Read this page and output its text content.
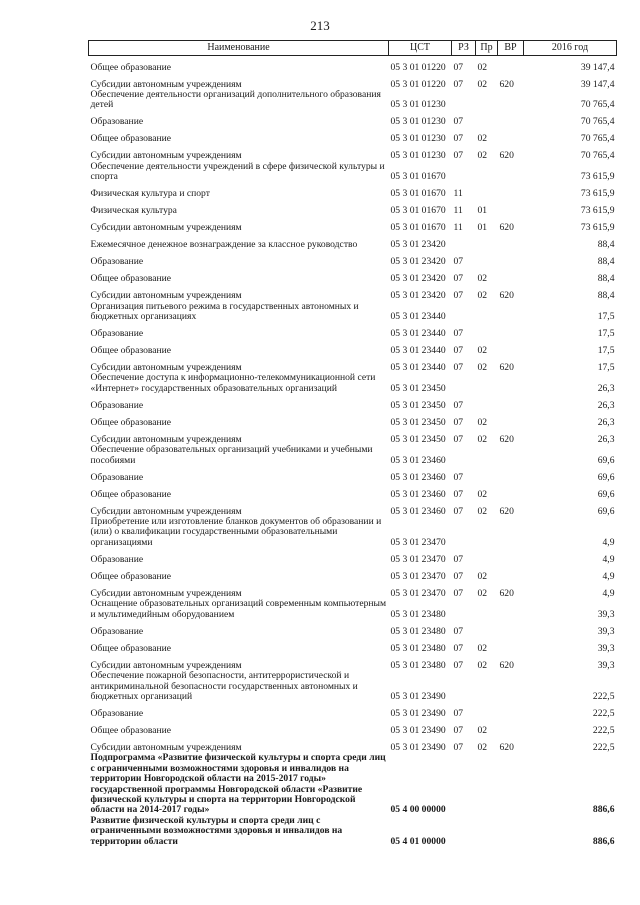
213
Наименование	ЦСТ	РЗ	Пр	ВР	2016 год
Общее образование	05 3 01 01220	07	02		39 147,4
Субсидии автономным учреждениям	05 3 01 01220	07	02	620	39 147,4
Обеспечение деятельности организаций дополнительного образования детей	05 3 01 01230				70 765,4
Образование	05 3 01 01230	07			70 765,4
Общее образование	05 3 01 01230	07	02		70 765,4
Субсидии автономным учреждениям	05 3 01 01230	07	02	620	70 765,4
Обеспечение деятельности учреждений в сфере физической культуры и спорта	05 3 01 01670				73 615,9
Физическая культура и спорт	05 3 01 01670	11			73 615,9
Физическая культура	05 3 01 01670	11	01		73 615,9
Субсидии автономным учреждениям	05 3 01 01670	11	01	620	73 615,9
Ежемесячное денежное вознаграждение за классное руководство	05 3 01 23420				88,4
Образование	05 3 01 23420	07			88,4
Общее образование	05 3 01 23420	07	02		88,4
Субсидии автономным учреждениям	05 3 01 23420	07	02	620	88,4
Организация питьевого режима в государственных автономных и бюджетных организациях	05 3 01 23440				17,5
Образование	05 3 01 23440	07			17,5
Общее образование	05 3 01 23440	07	02		17,5
Субсидии автономным учреждениям	05 3 01 23440	07	02	620	17,5
Обеспечение доступа к информационно-телекоммуникационной сети «Интернет» государственных образовательных организаций	05 3 01 23450				26,3
Образование	05 3 01 23450	07			26,3
Общее образование	05 3 01 23450	07	02		26,3
Субсидии автономным учреждениям	05 3 01 23450	07	02	620	26,3
Обеспечение образовательных организаций учебниками и учебными пособиями	05 3 01 23460				69,6
Образование	05 3 01 23460	07			69,6
Общее образование	05 3 01 23460	07	02		69,6
Субсидии автономным учреждениям	05 3 01 23460	07	02	620	69,6
Приобретение или изготовление бланков документов об образовании и (или) о квалификации государственными образовательными организациями	05 3 01 23470				4,9
Образование	05 3 01 23470	07			4,9
Общее образование	05 3 01 23470	07	02		4,9
Субсидии автономным учреждениям	05 3 01 23470	07	02	620	4,9
Оснащение образовательных организаций современным компьютерным и мультимедийным оборудованием	05 3 01 23480				39,3
Образование	05 3 01 23480	07			39,3
Общее образование	05 3 01 23480	07	02		39,3
Субсидии автономным учреждениям	05 3 01 23480	07	02	620	39,3
Обеспечение пожарной безопасности, антитеррористической и антикриминальной безопасности государственных автономных и бюджетных организаций	05 3 01 23490				222,5
Образование	05 3 01 23490	07			222,5
Общее образование	05 3 01 23490	07	02		222,5
Субсидии автономным учреждениям	05 3 01 23490	07	02	620	222,5
Подпрограмма «Развитие физической культуры и спорта среди лиц с ограниченными возможностями здоровья и инвалидов на территории Новгородской области на 2015-2017 годы» государственной программы Новгородской области «Развитие физической культуры и спорта на территории Новгородской области на 2014-2017 годы»	05 4 00 00000				886,6
Развитие физической культуры и спорта среди лиц с ограниченными возможностями здоровья и инвалидов на территории области	05 4 01 00000				886,6
